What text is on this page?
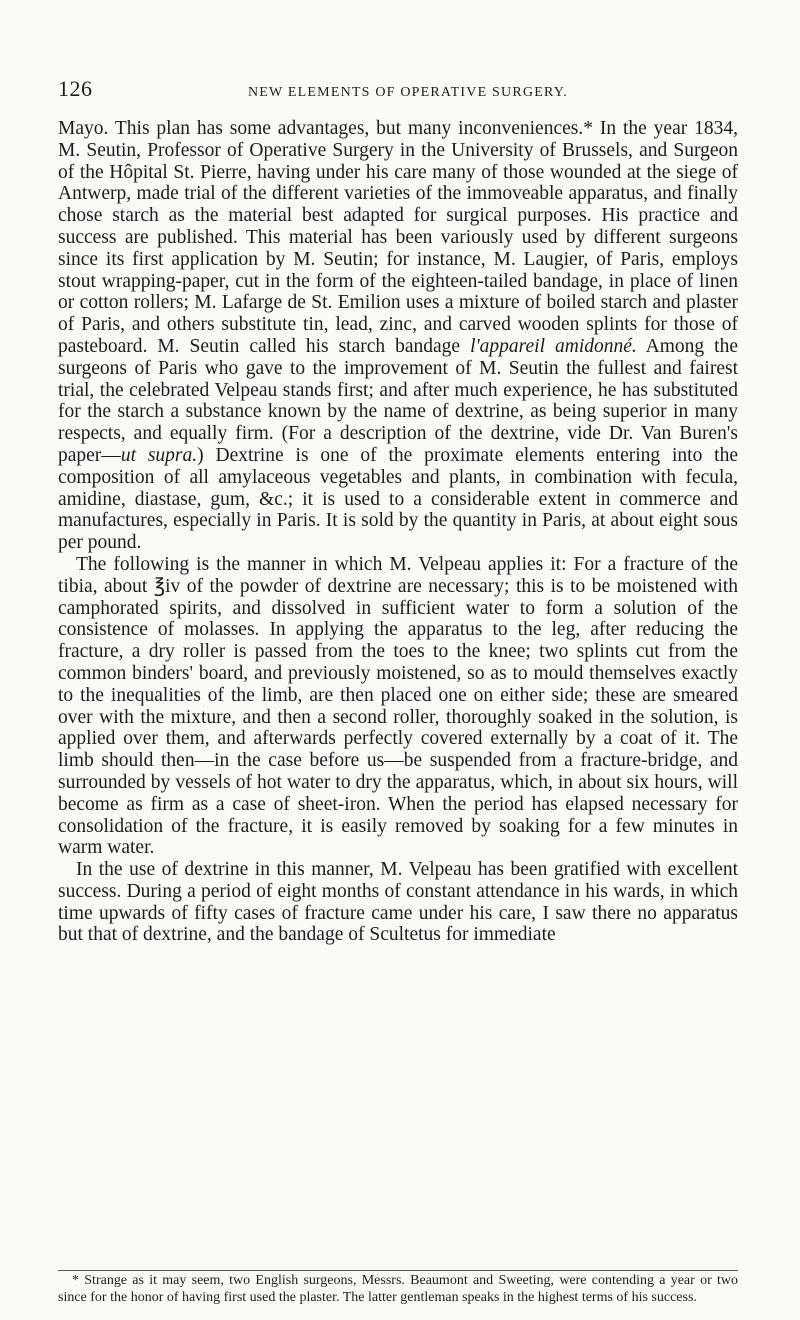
126	NEW ELEMENTS OF OPERATIVE SURGERY.

Mayo. This plan has some advantages, but many inconveniences.* In the year 1834, M. Seutin, Professor of Operative Surgery in the University of Brussels, and Surgeon of the Hôpital St. Pierre, having under his care many of those wounded at the siege of Antwerp, made trial of the different varieties of the immoveable apparatus, and finally chose starch as the material best adapted for surgical purposes. His practice and success are published. This material has been variously used by different surgeons since its first application by M. Seutin; for instance, M. Laugier, of Paris, employs stout wrapping-paper, cut in the form of the eighteen-tailed bandage, in place of linen or cotton rollers; M. Lafarge de St. Emilion uses a mixture of boiled starch and plaster of Paris, and others substitute tin, lead, zinc, and carved wooden splints for those of pasteboard. M. Seutin called his starch bandage l'appareil amidonné. Among the surgeons of Paris who gave to the improvement of M. Seutin the fullest and fairest trial, the celebrated Velpeau stands first; and after much experience, he has substituted for the starch a substance known by the name of dextrine, as being superior in many respects, and equally firm. (For a description of the dextrine, vide Dr. Van Buren's paper—ut supra.) Dextrine is one of the proximate elements entering into the composition of all amylaceous vegetables and plants, in combination with fecula, amidine, diastase, gum, &c.; it is used to a considerable extent in commerce and manufactures, especially in Paris. It is sold by the quantity in Paris, at about eight sous per pound.

The following is the manner in which M. Velpeau applies it: For a fracture of the tibia, about ℥iv of the powder of dextrine are necessary; this is to be moistened with camphorated spirits, and dissolved in sufficient water to form a solution of the consistence of molasses. In applying the apparatus to the leg, after reducing the fracture, a dry roller is passed from the toes to the knee; two splints cut from the common binders' board, and previously moistened, so as to mould themselves exactly to the inequalities of the limb, are then placed one on either side; these are smeared over with the mixture, and then a second roller, thoroughly soaked in the solution, is applied over them, and afterwards perfectly covered externally by a coat of it. The limb should then—in the case before us—be suspended from a fracture-bridge, and surrounded by vessels of hot water to dry the apparatus, which, in about six hours, will become as firm as a case of sheet-iron. When the period has elapsed necessary for consolidation of the fracture, it is easily removed by soaking for a few minutes in warm water.

In the use of dextrine in this manner, M. Velpeau has been gratified with excellent success. During a period of eight months of constant attendance in his wards, in which time upwards of fifty cases of fracture came under his care, I saw there no apparatus but that of dextrine, and the bandage of Scultetus for immediate

* Strange as it may seem, two English surgeons, Messrs. Beaumont and Sweeting, were contending a year or two since for the honor of having first used the plaster. The latter gentleman speaks in the highest terms of his success.
